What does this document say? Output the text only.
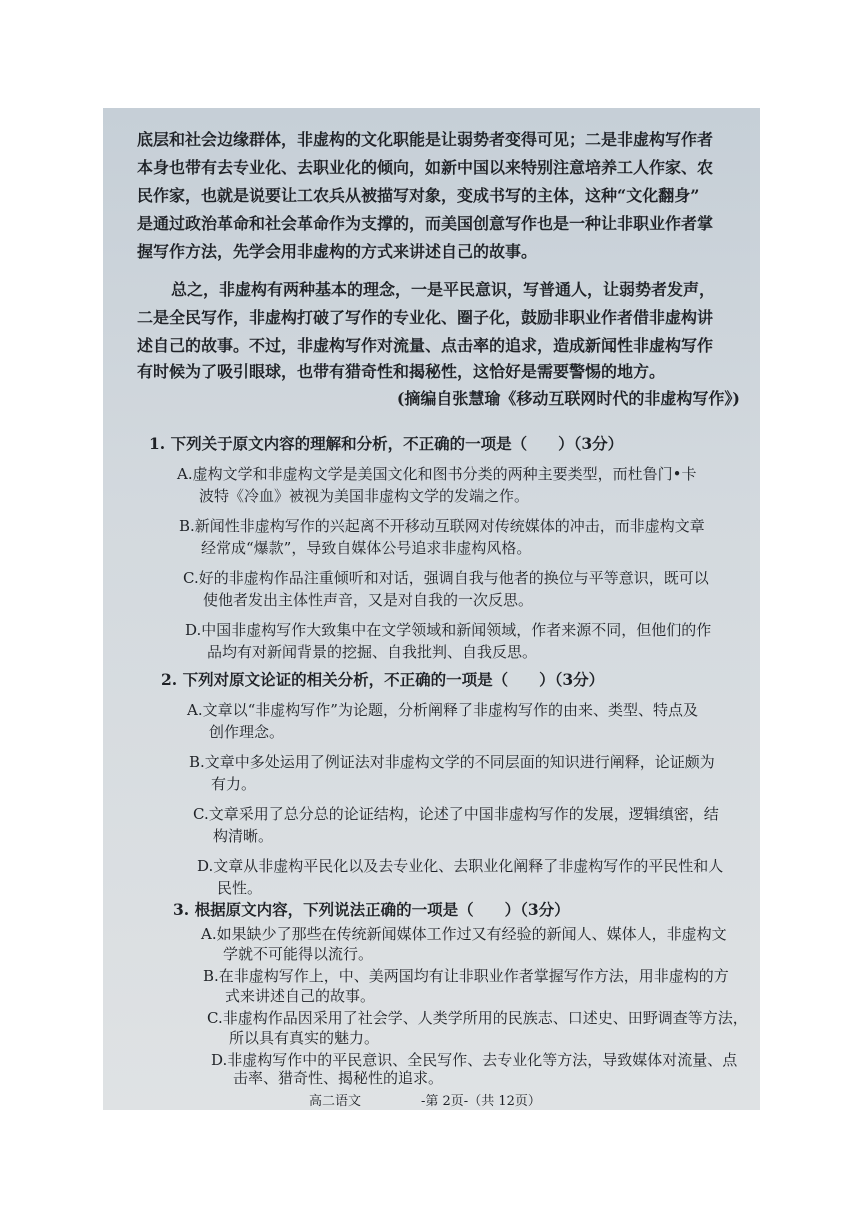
底层和社会边缘群体，非虚构的文化职能是让弱势者变得可见；二是非虚构写作者
本身也带有去专业化、去职业化的倾向，如新中国以来特别注意培养工人作家、农
民作家，也就是说要让工农兵从被描写对象，变成书写的主体，这种“文化翻身”
是通过政治革命和社会革命作为支撑的，而美国创意写作也是一种让非职业作者掌
握写作方法，先学会用非虚构的方式来讲述自己的故事。
总之，非虚构有两种基本的理念，一是平民意识，写普通人，让弱势者发声，
二是全民写作，非虚构打破了写作的专业化、圈子化，鼓励非职业作者借非虚构讲
述自己的故事。不过，非虚构写作对流量、点击率的追求，造成新闻性非虚构写作
有时候为了吸引眼球，也带有猎奇性和揭秘性，这恰好是需要警惕的地方。
(摘编自张慧瑜《移动互联网时代的非虚构写作》)
1. 下列关于原文内容的理解和分析，不正确的一项是（　　）（3分）
A.虚构文学和非虚构文学是美国文化和图书分类的两种主要类型，而杜鲁门•卡
波特《冷血》被视为美国非虚构文学的发端之作。
B.新闻性非虚构写作的兴起离不开移动互联网对传统媒体的冲击，而非虚构文章
经常成“爆款”，导致自媒体公号追求非虚构风格。
C.好的非虚构作品注重倾听和对话，强调自我与他者的换位与平等意识，既可以
使他者发出主体性声音，又是对自我的一次反思。
D.中国非虚构写作大致集中在文学领域和新闻领域，作者来源不同，但他们的作
品均有对新闻背景的挖掘、自我批判、自我反思。
2. 下列对原文论证的相关分析，不正确的一项是（　　）（3分）
A.文章以“非虚构写作”为论题，分析阐释了非虚构写作的由来、类型、特点及
创作理念。
B.文章中多处运用了例证法对非虚构文学的不同层面的知识进行阐释，论证颇为
有力。
C.文章采用了总分总的论证结构，论述了中国非虚构写作的发展，逻辑缜密，结
构清晰。
D.文章从非虚构平民化以及去专业化、去职业化阐释了非虚构写作的平民性和人
民性。
3. 根据原文内容，下列说法正确的一项是（　　）（3分）
A.如果缺少了那些在传统新闻媒体工作过又有经验的新闻人、媒体人，非虚构文
学就不可能得以流行。
B.在非虚构写作上，中、美两国均有让非职业作者掌握写作方法，用非虚构的方
式来讲述自己的故事。
C.非虚构作品因采用了社会学、人类学所用的民族志、口述史、田野调查等方法，
所以具有真实的魅力。
高二语文	-第 2页-（共 12页）
D.非虚构写作中的平民意识、全民写作、去专业化等方法，导致媒体对流量、点
击率、猎奇性、揭秘性的追求。
